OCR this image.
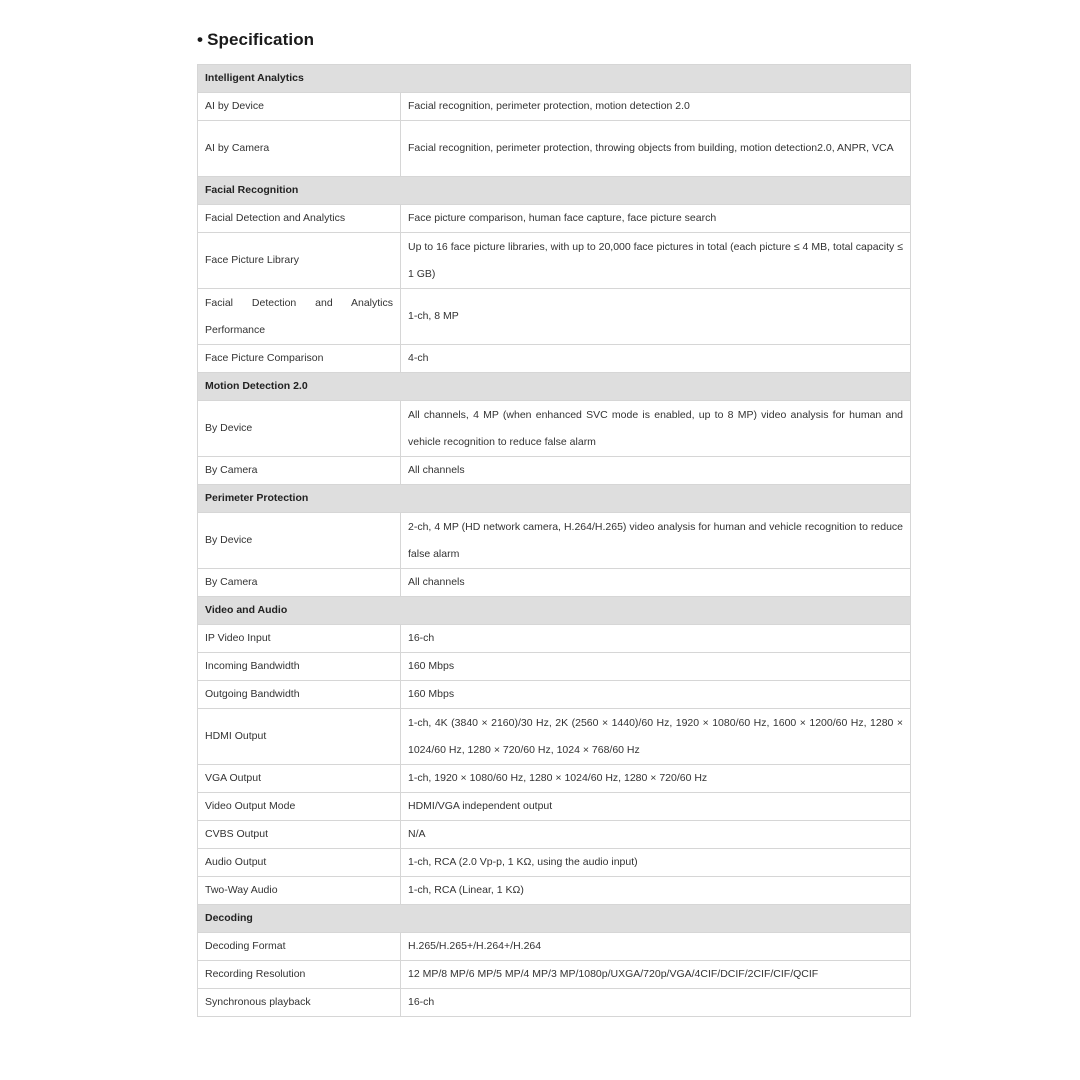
• Specification
Intelligent Analytics	
AI by Device	Facial recognition, perimeter protection, motion detection 2.0
AI by Camera	Facial recognition, perimeter protection, throwing objects from building, motion detection2.0, ANPR, VCA
Facial Recognition	
Facial Detection and Analytics	Face picture comparison, human face capture, face picture search
Face Picture Library	Up to 16 face picture libraries, with up to 20,000 face pictures in total (each picture ≤ 4 MB, total capacity ≤ 1 GB)
Facial Detection and Analytics Performance	1-ch, 8 MP
Face Picture Comparison	4-ch
Motion Detection 2.0	
By Device	All channels, 4 MP (when enhanced SVC mode is enabled, up to 8 MP) video analysis for human and vehicle recognition to reduce false alarm
By Camera	All channels
Perimeter Protection	
By Device	2-ch, 4 MP (HD network camera, H.264/H.265) video analysis for human and vehicle recognition to reduce false alarm
By Camera	All channels
Video and Audio	
IP Video Input	16-ch
Incoming Bandwidth	160 Mbps
Outgoing Bandwidth	160 Mbps
HDMI Output	1-ch, 4K (3840 × 2160)/30 Hz, 2K (2560 × 1440)/60 Hz, 1920 × 1080/60 Hz, 1600 × 1200/60 Hz, 1280 × 1024/60 Hz, 1280 × 720/60 Hz, 1024 × 768/60 Hz
VGA Output	1-ch, 1920 × 1080/60 Hz, 1280 × 1024/60 Hz, 1280 × 720/60 Hz
Video Output Mode	HDMI/VGA independent output
CVBS Output	N/A
Audio Output	1-ch, RCA (2.0 Vp-p, 1 KΩ, using the audio input)
Two-Way Audio	1-ch, RCA (Linear, 1 KΩ)
Decoding	
Decoding Format	H.265/H.265+/H.264+/H.264
Recording Resolution	12 MP/8 MP/6 MP/5 MP/4 MP/3 MP/1080p/UXGA/720p/VGA/4CIF/DCIF/2CIF/CIF/QCIF
Synchronous playback	16-ch
